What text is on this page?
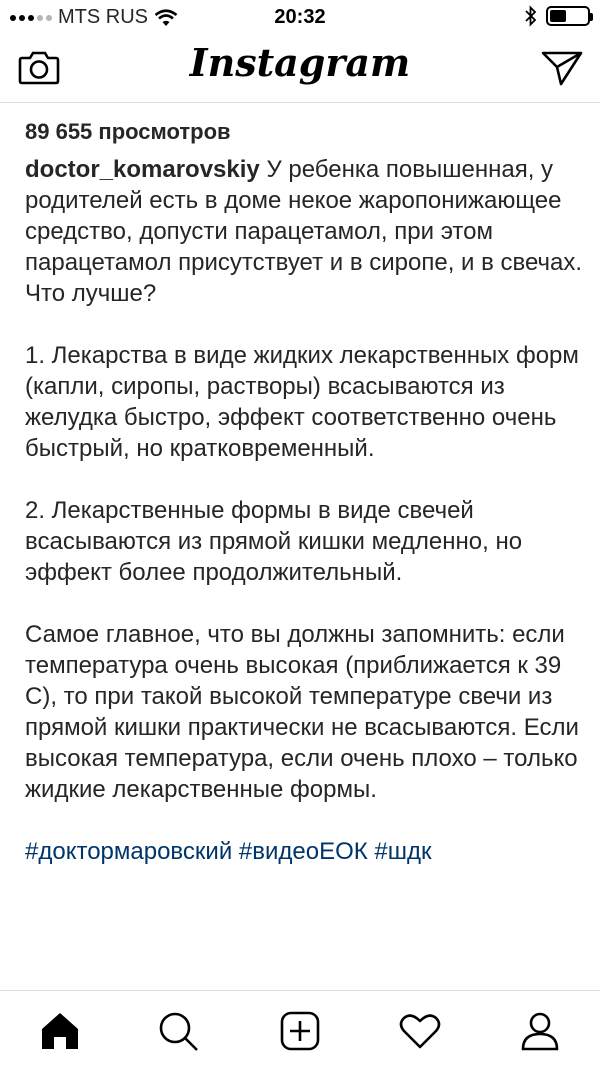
MTS RUS	20:32
Instagram
89 655 просмотров

doctor_komarovskiy У ребенка повышенная, у родителей есть в доме некое жаропонижающее средство, допусти парацетамол, при этом парацетамол присутствует и в сиропе, и в свечах. Что лучше?

1. Лекарства в виде жидких лекарственных форм (капли, сиропы, растворы) всасываются из желудка быстро, эффект соответственно очень быстрый, но кратковременный.

2. Лекарственные формы в виде свечей всасываются из прямой кишки медленно, но эффект более продолжительный.

Самое главное, что вы должны запомнить: если температура очень высокая (приближается к 39 С), то при такой высокой температуре свечи из прямой кишки практически не всасываются. Если высокая температура, если очень плохо – только жидкие лекарственные формы.

#доктормаровский #видеоЕОК #шдк
